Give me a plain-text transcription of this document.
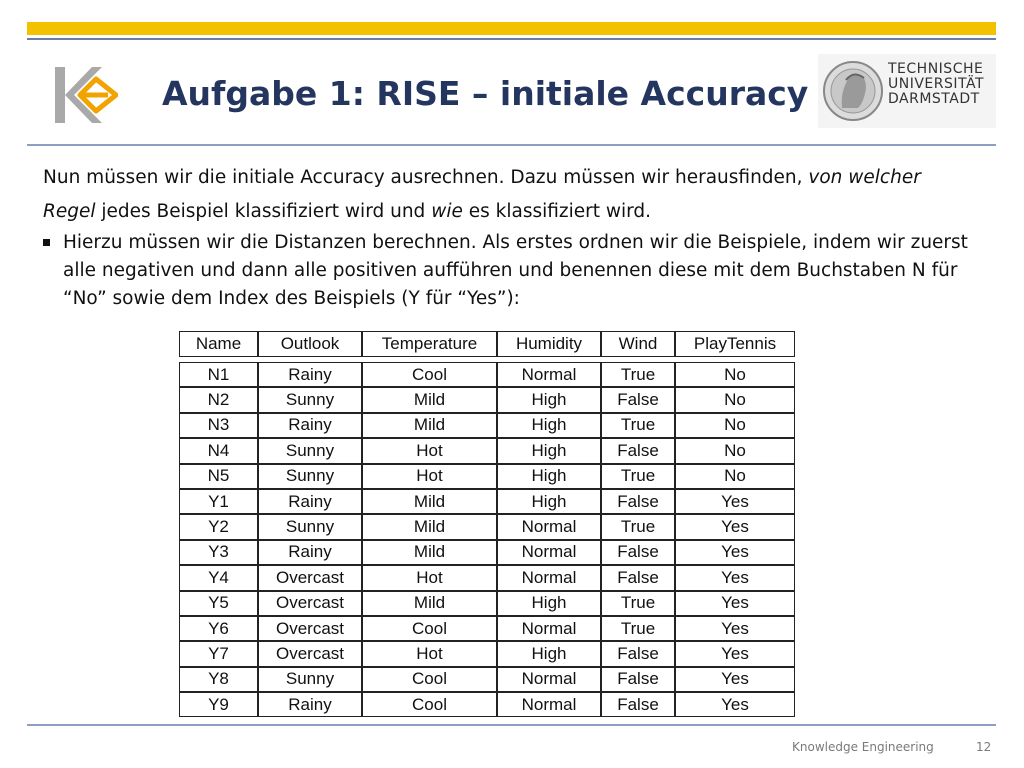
Aufgabe 1: RISE – initiale Accuracy
TECHNISCHE
UNIVERSITÄT
DARMSTADT

Nun müssen wir die initiale Accuracy ausrechnen. Dazu müssen wir herausfinden, von welcher Regel jedes Beispiel klassifiziert wird und wie es klassifiziert wird.

Hierzu müssen wir die Distanzen berechnen. Als erstes ordnen wir die Beispiele, indem wir zuerst alle negativen und dann alle positiven aufführen und benennen diese mit dem Buchstaben N für “No” sowie dem Index des Beispiels (Y für “Yes”):

Name	Outlook	Temperature	Humidity	Wind	PlayTennis

N1	Rainy	Cool	Normal	True	No
N2	Sunny	Mild	High	False	No
N3	Rainy	Mild	High	True	No
N4	Sunny	Hot	High	False	No
N5	Sunny	Hot	High	True	No
Y1	Rainy	Mild	High	False	Yes
Y2	Sunny	Mild	Normal	True	Yes
Y3	Rainy	Mild	Normal	False	Yes
Y4	Overcast	Hot	Normal	False	Yes
Y5	Overcast	Mild	High	True	Yes
Y6	Overcast	Cool	Normal	True	Yes
Y7	Overcast	Hot	High	False	Yes
Y8	Sunny	Cool	Normal	False	Yes
Y9	Rainy	Cool	Normal	False	Yes
Knowledge Engineering	12
